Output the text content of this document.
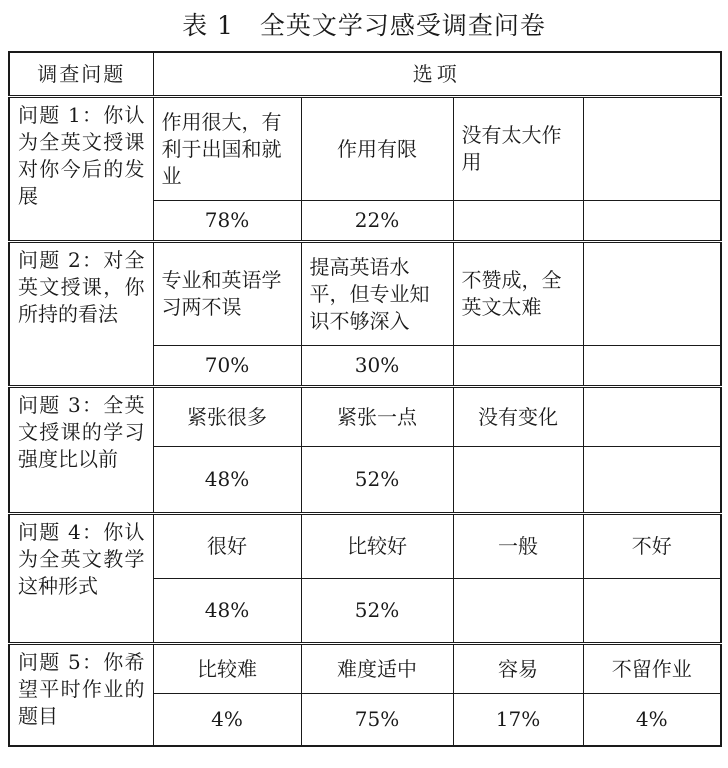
表 1　全英文学习感受调查问卷
调查问题	选项			
问题 1：你认为全英文授课对你今后的发展	作用很大，有利于出国和就业	作用有限	没有太大作用	
	78%	22%		
问题 2：对全英文授课，你所持的看法	专业和英语学习两不误	提高英语水平，但专业知识不够深入	不赞成，全英文太难	
	70%	30%		
问题 3：全英文授课的学习强度比以前	紧张很多	紧张一点	没有变化	
	48%	52%		
问题 4：你认为全英文教学这种形式	很好	比较好	一般	不好
	48%	52%		
问题 5：你希望平时作业的题目	比较难	难度适中	容易	不留作业
	4%	75%	17%	4%
